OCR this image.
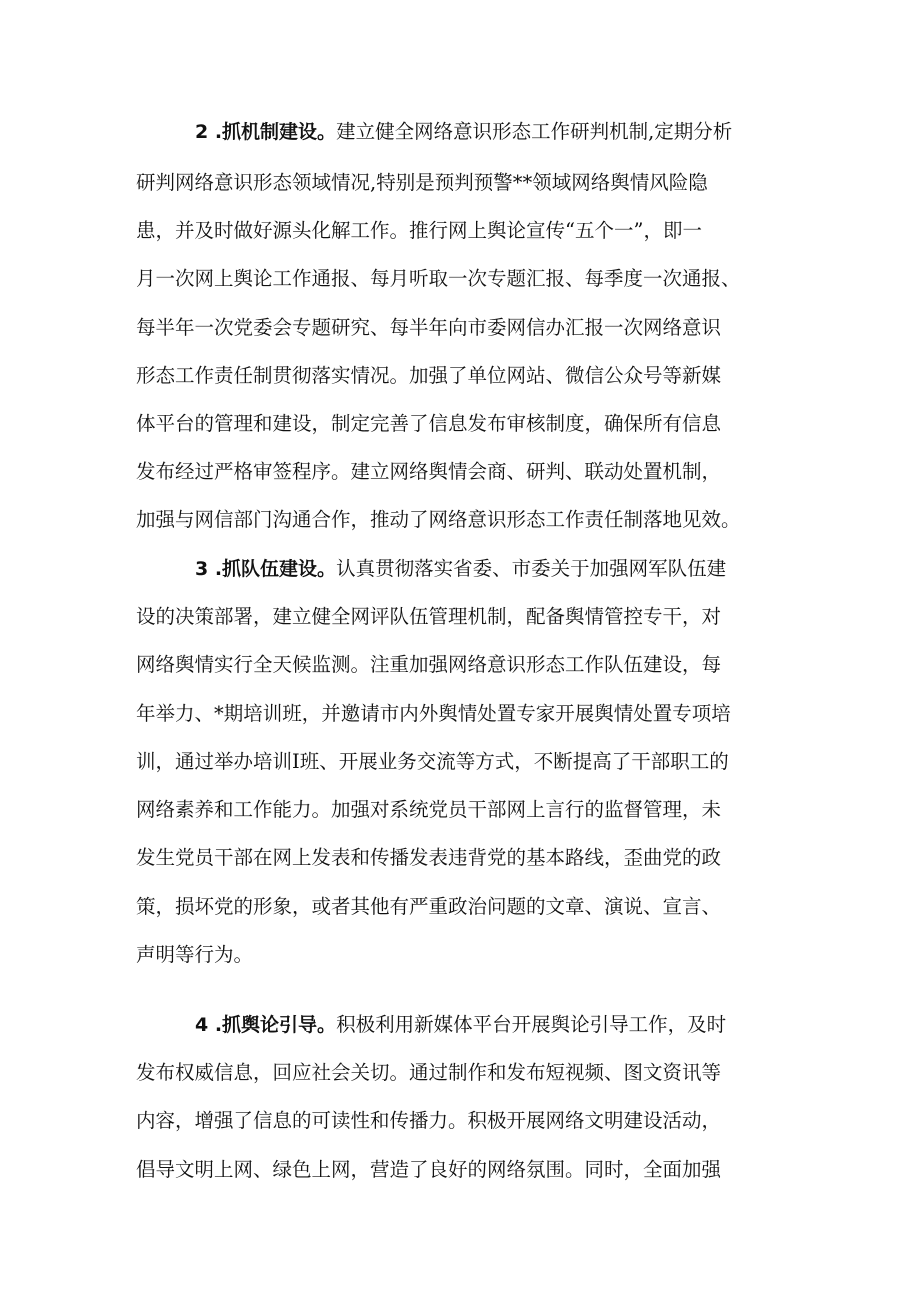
2 .抓机制建设。建立健全网络意识形态工作研判机制,定期分析
研判网络意识形态领域情况,特别是预判预警**领域网络舆情风险隐
患，并及时做好源头化解工作。推行网上舆论宣传“五个一”，即一
月一次网上舆论工作通报、每月听取一次专题汇报、每季度一次通报、
每半年一次党委会专题研究、每半年向市委网信办汇报一次网络意识
形态工作责任制贯彻落实情况。加强了单位网站、微信公众号等新媒
体平台的管理和建设，制定完善了信息发布审核制度，确保所有信息
发布经过严格审签程序。建立网络舆情会商、研判、联动处置机制，
加强与网信部门沟通合作，推动了网络意识形态工作责任制落地见效。
3 .抓队伍建设。认真贯彻落实省委、市委关于加强网军队伍建
设的决策部署，建立健全网评队伍管理机制，配备舆情管控专干，对
网络舆情实行全天候监测。注重加强网络意识形态工作队伍建设，每
年举力、*期培训班，并邀请市内外舆情处置专家开展舆情处置专项培
训，通过举办培训I班、开展业务交流等方式，不断提高了干部职工的
网络素养和工作能力。加强对系统党员干部网上言行的监督管理，未
发生党员干部在网上发表和传播发表违背党的基本路线，歪曲党的政
策，损坏党的形象，或者其他有严重政治问题的文章、演说、宣言、
声明等行为。
4 .抓舆论引导。积极利用新媒体平台开展舆论引导工作，及时
发布权威信息，回应社会关切。通过制作和发布短视频、图文资讯等
内容，增强了信息的可读性和传播力。积极开展网络文明建设活动，
倡导文明上网、绿色上网，营造了良好的网络氛围。同时，全面加强
